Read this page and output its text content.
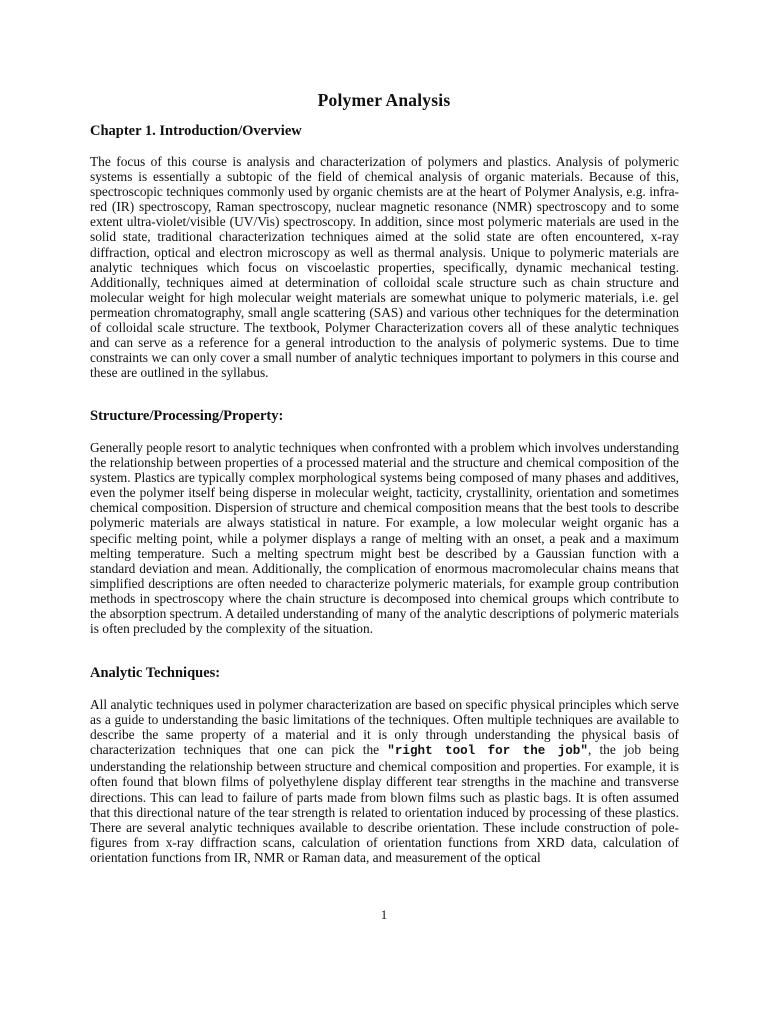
Polymer Analysis
Chapter 1. Introduction/Overview

The focus of this course is analysis and characterization of polymers and plastics. Analysis of polymeric systems is essentially a subtopic of the field of chemical analysis of organic materials. Because of this, spectroscopic techniques commonly used by organic chemists are at the heart of Polymer Analysis, e.g. infra-red (IR) spectroscopy, Raman spectroscopy, nuclear magnetic resonance (NMR) spectroscopy and to some extent ultra-violet/visible (UV/Vis) spectroscopy. In addition, since most polymeric materials are used in the solid state, traditional characterization techniques aimed at the solid state are often encountered, x-ray diffraction, optical and electron microscopy as well as thermal analysis. Unique to polymeric materials are analytic techniques which focus on viscoelastic properties, specifically, dynamic mechanical testing. Additionally, techniques aimed at determination of colloidal scale structure such as chain structure and molecular weight for high molecular weight materials are somewhat unique to polymeric materials, i.e. gel permeation chromatography, small angle scattering (SAS) and various other techniques for the determination of colloidal scale structure. The textbook, Polymer Characterization covers all of these analytic techniques and can serve as a reference for a general introduction to the analysis of polymeric systems. Due to time constraints we can only cover a small number of analytic techniques important to polymers in this course and these are outlined in the syllabus.

Structure/Processing/Property:

Generally people resort to analytic techniques when confronted with a problem which involves understanding the relationship between properties of a processed material and the structure and chemical composition of the system. Plastics are typically complex morphological systems being composed of many phases and additives, even the polymer itself being disperse in molecular weight, tacticity, crystallinity, orientation and sometimes chemical composition. Dispersion of structure and chemical composition means that the best tools to describe polymeric materials are always statistical in nature. For example, a low molecular weight organic has a specific melting point, while a polymer displays a range of melting with an onset, a peak and a maximum melting temperature. Such a melting spectrum might best be described by a Gaussian function with a standard deviation and mean. Additionally, the complication of enormous macromolecular chains means that simplified descriptions are often needed to characterize polymeric materials, for example group contribution methods in spectroscopy where the chain structure is decomposed into chemical groups which contribute to the absorption spectrum. A detailed understanding of many of the analytic descriptions of polymeric materials is often precluded by the complexity of the situation.

Analytic Techniques:

All analytic techniques used in polymer characterization are based on specific physical principles which serve as a guide to understanding the basic limitations of the techniques. Often multiple techniques are available to describe the same property of a material and it is only through understanding the physical basis of characterization techniques that one can pick the "right tool for the job", the job being understanding the relationship between structure and chemical composition and properties. For example, it is often found that blown films of polyethylene display different tear strengths in the machine and transverse directions. This can lead to failure of parts made from blown films such as plastic bags. It is often assumed that this directional nature of the tear strength is related to orientation induced by processing of these plastics. There are several analytic techniques available to describe orientation. These include construction of pole-figures from x-ray diffraction scans, calculation of orientation functions from XRD data, calculation of orientation functions from IR, NMR or Raman data, and measurement of the optical

1
